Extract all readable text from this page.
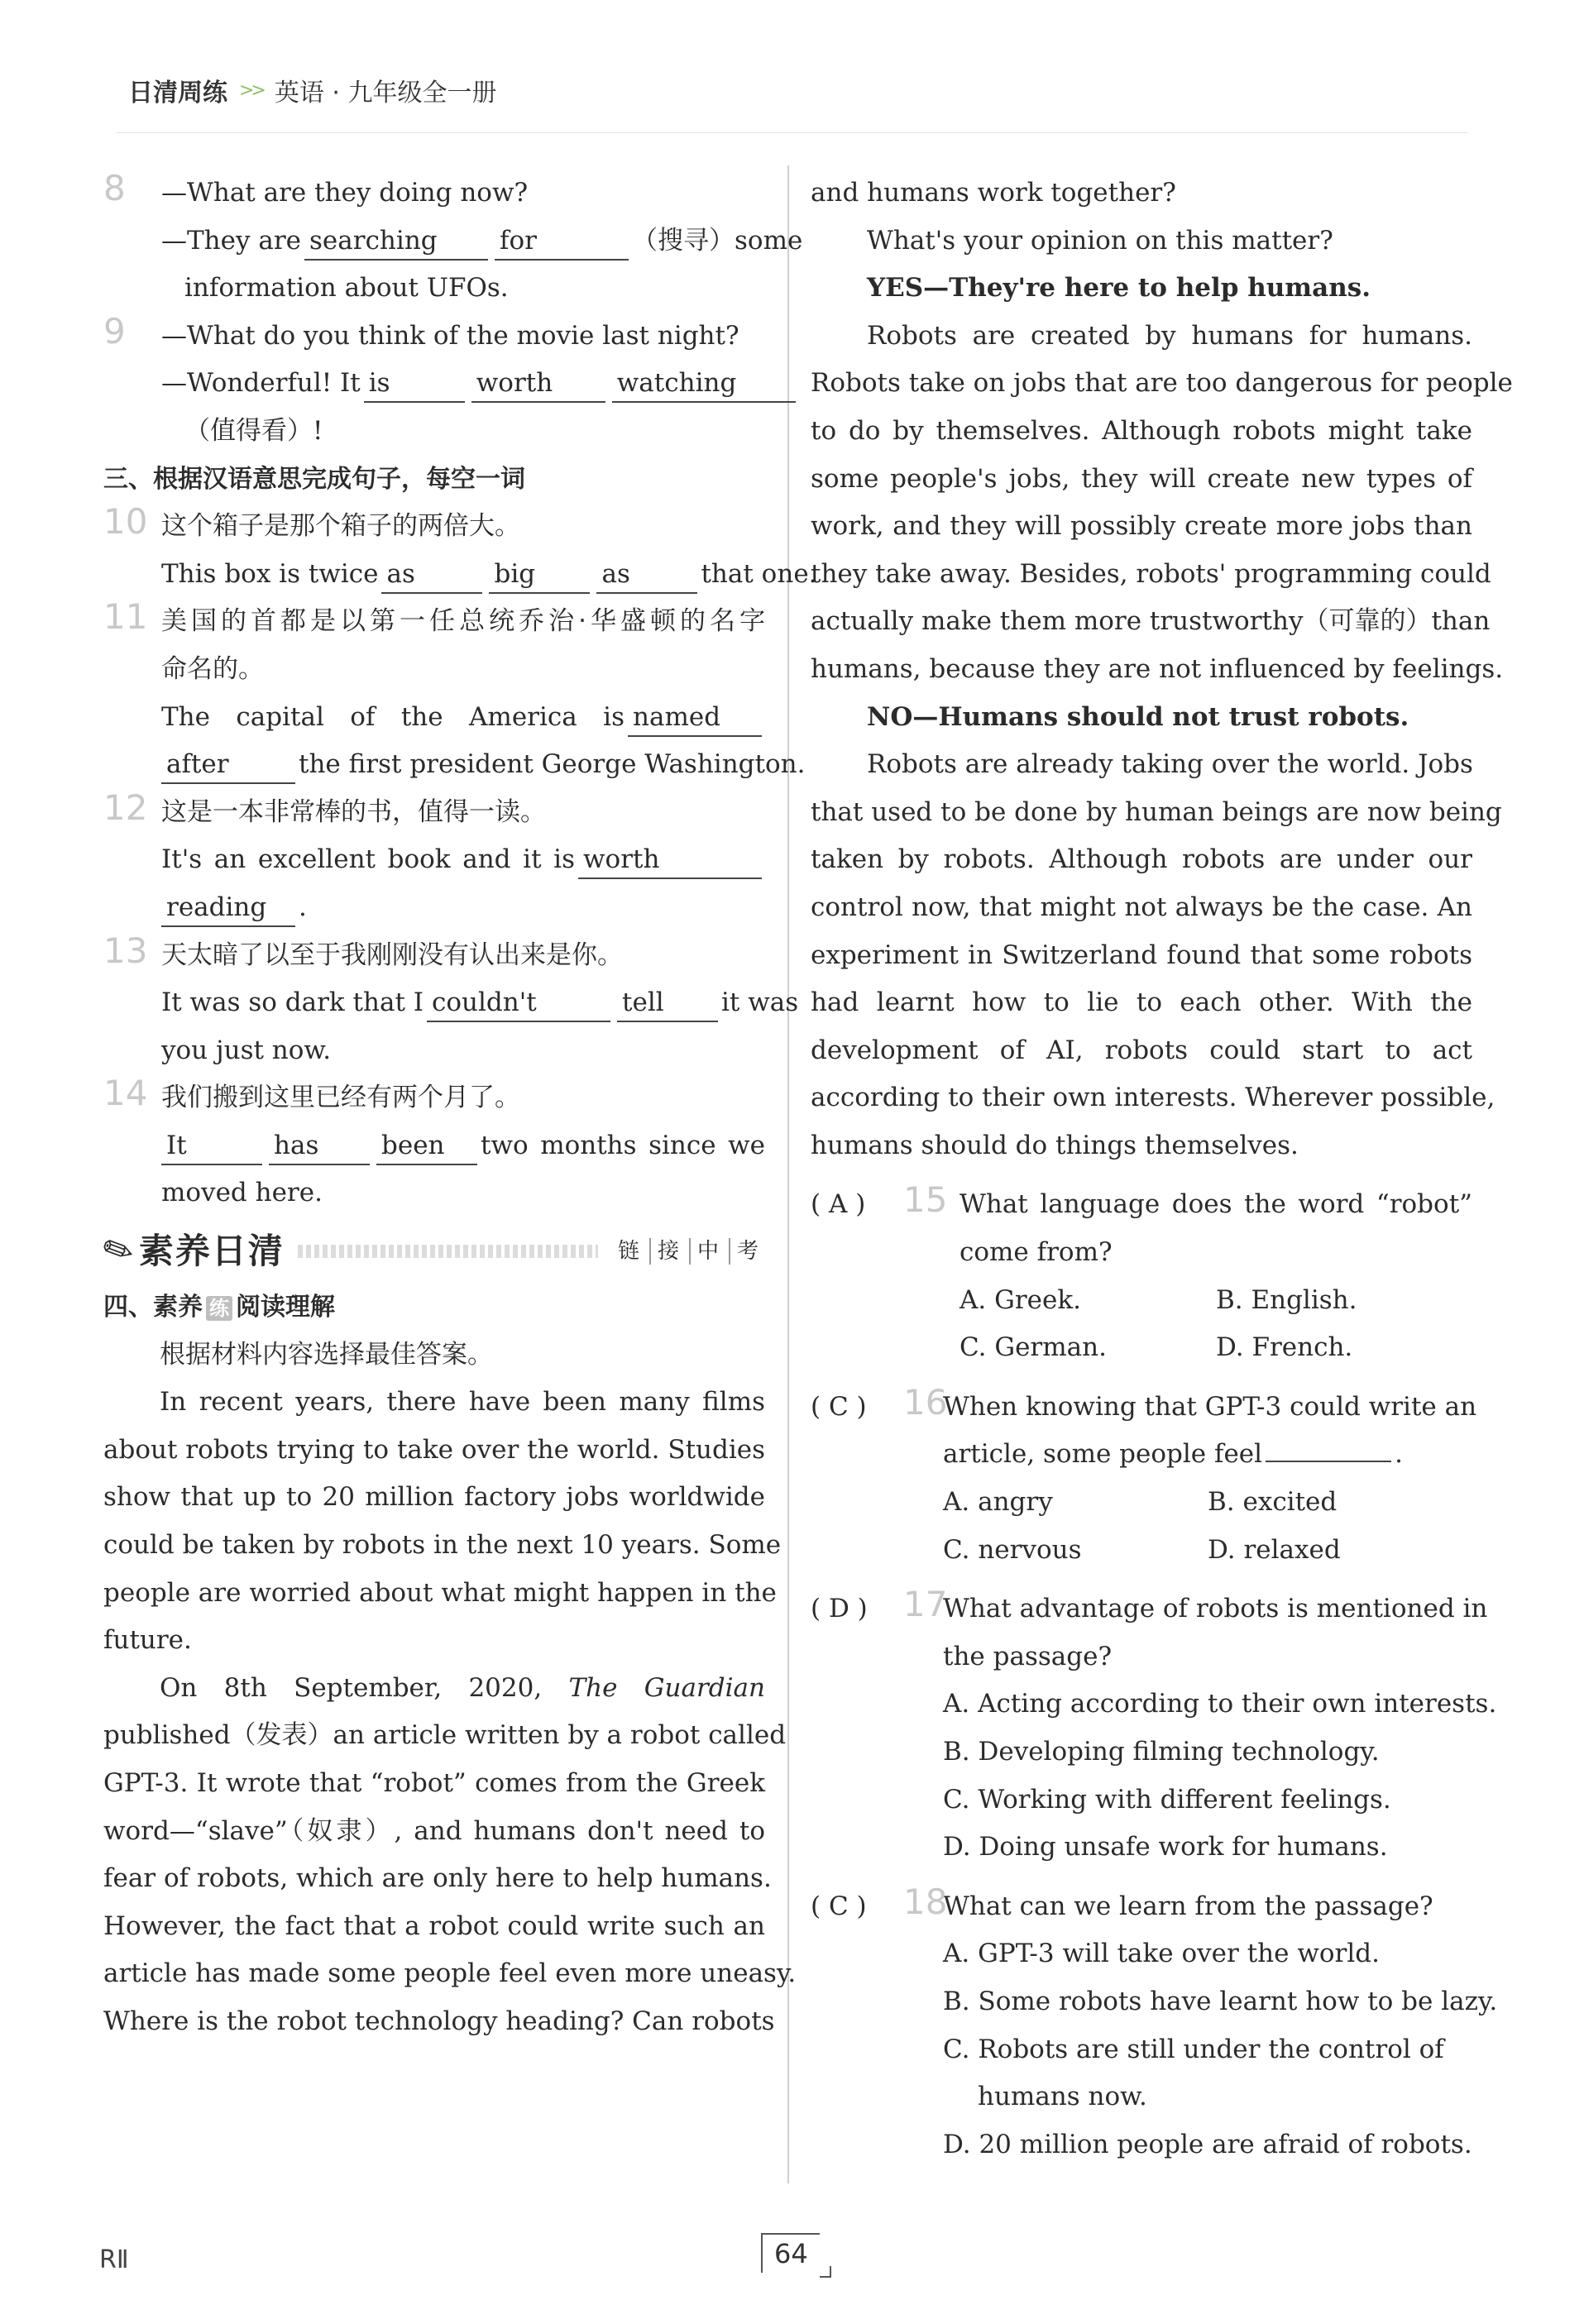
日清周练 >> 英语 · 九年级全一册
8 —What are they doing now?
—They are searching for	（搜寻）some
information about UFOs.
9 —What do you think of the movie last night?
—Wonderful! It is	worth	watching
（值得看）!
三、根据汉语意思完成句子，每空一词
10 这个箱子是那个箱子的两倍大。
This box is twice as	big	as	that one.
11 美国的首都是以第一任总统乔治·华盛顿的名字
命名的。
The capital of the America is named
after	the first president George Washington.
12 这是一本非常棒的书，值得一读。
It's an excellent book and it is worth
reading .
13 天太暗了以至于我刚刚没有认出来是你。
It was so dark that I couldn't	tell it was
you just now.
14 我们搬到这里已经有两个月了。
It	has been two months since we
moved here.
✎
素养日清	链 接 中 考
四、素养 练 阅读理解
根据材料内容选择最佳答案。
In recent years, there have been many films
about robots trying to take over the world. Studies
show that up to 20 million factory jobs worldwide
could be taken by robots in the next 10 years. Some
people are worried about what might happen in the
future.
On 8th September, 2020, The Guardian
published（发表）an article written by a robot called
GPT-3. It wrote that “robot” comes from the Greek
word—“slave”（奴隶）, and humans don't need to
fear of robots, which are only here to help humans.
However, the fact that a robot could write such an
article has made some people feel even more uneasy.
Where is the robot technology heading? Can robots
and humans work together?
What's your opinion on this matter?
YES—They're here to help humans.
Robots are created by humans for humans.
Robots take on jobs that are too dangerous for people
to do by themselves. Although robots might take
some people's jobs, they will create new types of
work, and they will possibly create more jobs than
they take away. Besides, robots' programming could
actually make them more trustworthy（可靠的）than
humans, because they are not influenced by feelings.
NO—Humans should not trust robots.
Robots are already taking over the world. Jobs
that used to be done by human beings are now being
taken by robots. Although robots are under our
control now, that might not always be the case. An
experiment in Switzerland found that some robots
had learnt how to lie to each other. With the
development of AI, robots could start to act
according to their own interests. Wherever possible,
humans should do things themselves.
( A )	15 What language does the word “robot”
come from?
A. Greek.	B. English.
C. German.	D. French.
( C )	16
When knowing that GPT-3 could write an
article, some people feel	.
A. angry	B. excited
C. nervous	D. relaxed
( D )	17
What advantage of robots is mentioned in
the passage?
A. Acting according to their own interests.
B. Developing filming technology.
C. Working with different feelings.
D. Doing unsafe work for humans.
( C )	18
What can we learn from the passage?
A. GPT-3 will take over the world.
B. Some robots have learnt how to be lazy.
C. Robots are still under the control of
humans now.
D. 20 million people are afraid of robots.
RⅡ	64
